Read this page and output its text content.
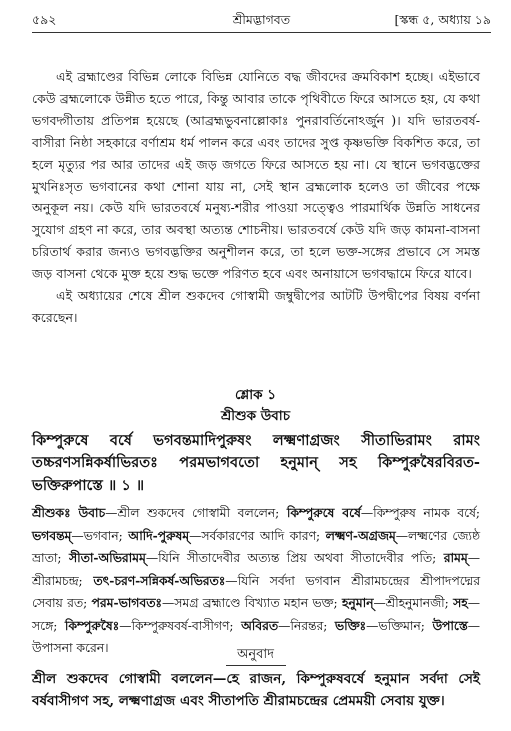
৫৯২	শ্রীমদ্ভাগবত	[স্কন্ধ ৫, অধ্যায় ১৯

এই ব্রহ্মাণ্ডের বিভিন্ন লোকে বিভিন্ন যোনিতে বদ্ধ জীবদের ক্রমবিকাশ হচ্ছে। এইভাবে কেউ ব্রহ্মলোকে উন্নীত হতে পারে, কিন্তু আবার তাকে পৃথিবীতে ফিরে আসতে হয়, যে কথা ভগবদ্গীতায় প্রতিপন্ন হয়েছে (আব্রহ্মভুবনাল্লোকাঃ পুনরাবর্তিনোঽর্জুন )। যদি ভারতবর্ষ-বাসীরা নিষ্ঠা সহকারে বর্ণাশ্রম ধর্ম পালন করে এবং তাদের সুপ্ত কৃষ্ণভক্তি বিকশিত করে, তা হলে মৃত্যুর পর আর তাদের এই জড় জগতে ফিরে আসতে হয় না। যে স্থানে ভগবদ্ভক্তের মুখনিঃসৃত ভগবানের কথা শোনা যায় না, সেই স্থান ব্রহ্মলোক হলেও তা জীবের পক্ষে অনুকূল নয়। কেউ যদি ভারতবর্ষে মনুষ্য-শরীর পাওয়া সত্ত্বেও পারমার্থিক উন্নতি সাধনের সুযোগ গ্রহণ না করে, তার অবস্থা অত্যন্ত শোচনীয়। ভারতবর্ষে কেউ যদি জড় কামনা-বাসনা চরিতার্থ করার জন্যও ভগবদ্ভক্তির অনুশীলন করে, তা হলে ভক্ত-সঙ্গের প্রভাবে সে সমস্ত জড় বাসনা থেকে মুক্ত হয়ে শুদ্ধ ভক্তে পরিণত হবে এবং অনায়াসে ভগবদ্ধামে ফিরে যাবে।

এই অধ্যায়ের শেষে শ্রীল শুকদেব গোস্বামী জম্বুদ্বীপের আটটি উপদ্বীপের বিষয় বর্ণনা করেছেন।

শ্লোক ১
শ্রীশুক উবাচ
কিম্পুরুষে বর্ষে ভগবন্তমাদিপুরুষং লক্ষ্মণাগ্রজং সীতাভিরামং রামং তচ্চরণসন্নিকর্ষাভিরতঃ পরমভাগবতো হনুমান্ সহ কিম্পুরুষৈরবিরত-ভক্তিরুপাস্তে ॥ ১ ॥
শ্রীশুকঃ উবাচ—শ্রীল শুকদেব গোস্বামী বললেন; কিম্পুরুষে বর্ষে—কিম্পুরুষ নামক বর্ষে; ভগবন্তম্—ভগবান; আদি-পুরুষম্—সর্বকারণের আদি কারণ; লক্ষ্মণ-অগ্রজম্—লক্ষ্মণের জ্যেষ্ঠ ভ্রাতা; সীতা-অভিরামম্—যিনি সীতাদেবীর অত্যন্ত প্রিয় অথবা সীতাদেবীর পতি; রামম্—শ্রীরামচন্দ্র; তৎ-চরণ-সন্নিকর্ষ-অভিরতঃ—যিনি সর্বদা ভগবান শ্রীরামচন্দ্রের শ্রীপাদপদ্মের সেবায় রত; পরম-ভাগবতঃ—সমগ্র ব্রহ্মাণ্ডে বিখ্যাত মহান ভক্ত; হনুমান্—শ্রীহনুমানজী; সহ—সঙ্গে; কিম্পুরুষৈঃ—কিম্পুরুষবর্ষ-বাসীগণ; অবিরত—নিরন্তর; ভক্তিঃ—ভক্তিমান; উপাস্তে—উপাসনা করেন।	অনুবাদ
শ্রীল শুকদেব গোস্বামী বললেন—হে রাজন, কিম্পুরুষবর্ষে হনুমান সর্বদা সেই বর্ষবাসীগণ সহ, লক্ষ্মণাগ্রজ এবং সীতাপতি শ্রীরামচন্দ্রের প্রেমময়ী সেবায় যুক্ত।
